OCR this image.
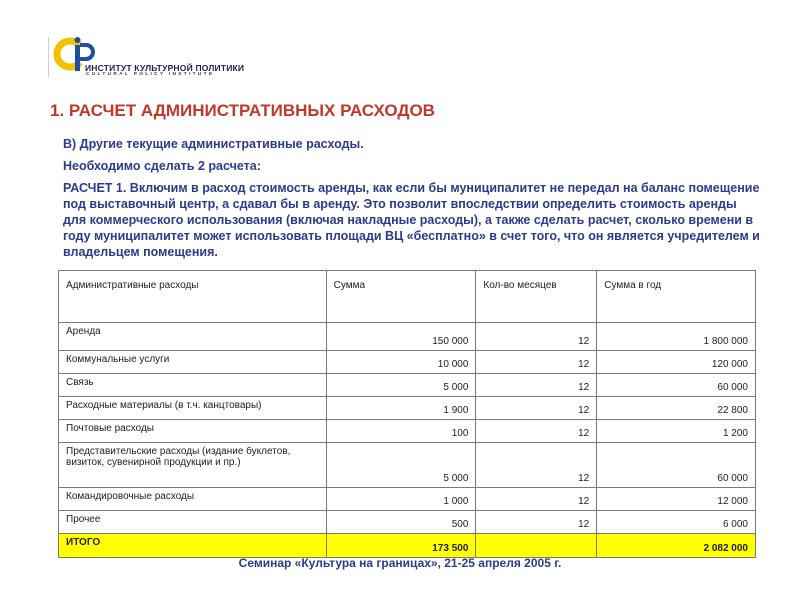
ИНСТИТУТ КУЛЬТУРНОЙ ПОЛИТИКИ
CULTURAL POLICY INSTITUTE
1. РАСЧЕТ АДМИНИСТРАТИВНЫХ РАСХОДОВ
В) Другие текущие административные расходы.
Необходимо сделать 2 расчета:
РАСЧЕТ 1. Включим в расход стоимость аренды, как если бы муниципалитет не передал на баланс помещение под выставочный центр, а сдавал бы в аренду. Это позволит впоследствии определить стоимость аренды для коммерческого использования (включая накладные расходы), а также сделать расчет, сколько времени в году муниципалитет может использовать площади ВЦ «бесплатно» в счет того, что он является учредителем и владельцем помещения.
Административные расходы	Сумма	Кол-во месяцев	Сумма в год
Аренда	150 000	12	1 800 000
Коммунальные услуги	10 000	12	120 000
Связь	5 000	12	60 000
Расходные материалы (в т.ч. канцтовары)	1 900	12	22 800
Почтовые расходы	100	12	1 200
Представительские расходы (издание буклетов, визиток, сувенирной продукции и пр.)	5 000	12	60 000
Командировочные расходы	1 000	12	12 000
Прочее	500	12	6 000
ИТОГО	173 500		2 082 000
Семинар «Культура на границах», 21-25 апреля 2005 г.
